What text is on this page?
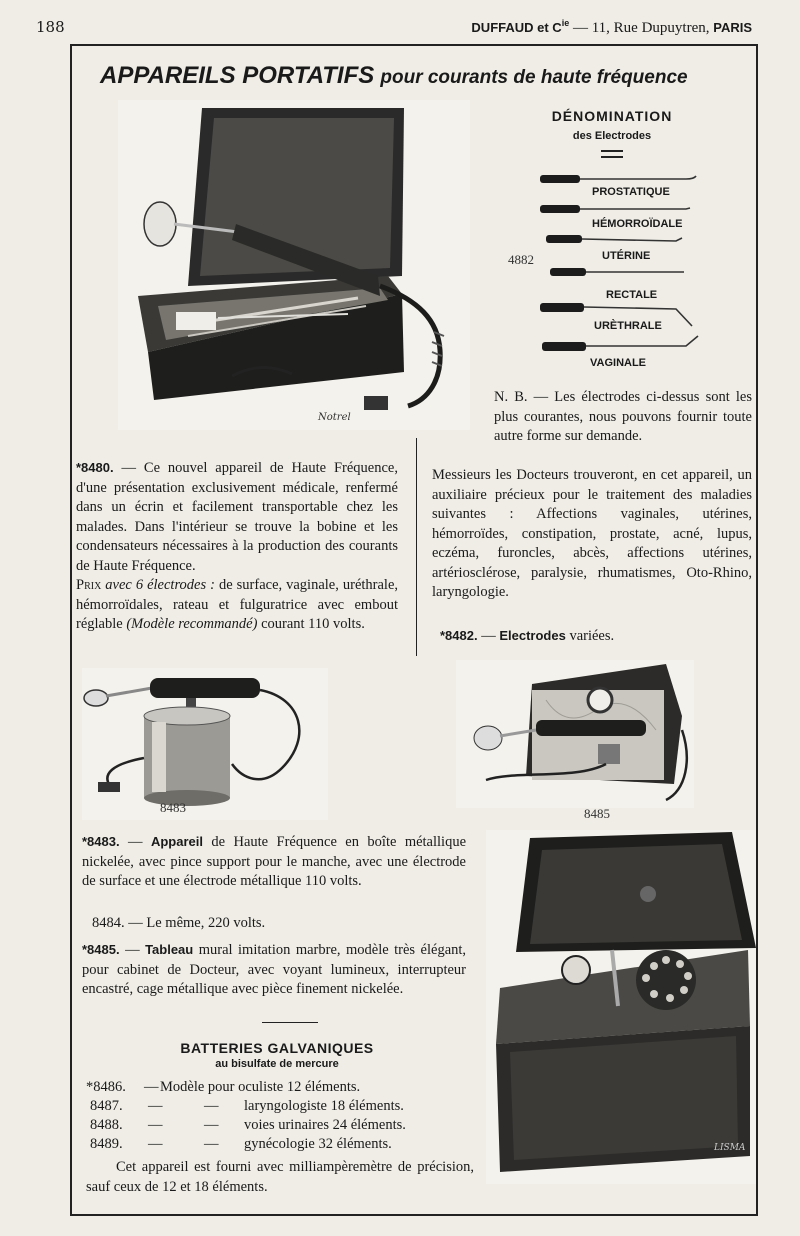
188	DUFFAUD et $C^{ie}$ — 11, Rue Dupuytren, PARIS
APPAREILS PORTATIFS pour courants de haute fréquence
Notrel
DÉNOMINATION
des Electrodes
4882
PROSTATIQUE
HÉMORROÏDALE
UTÉRINE
RECTALE
URÈTHRALE
VAGINALE
N. B. — Les électrodes ci-dessus sont les plus courantes, nous pouvons fournir toute autre forme sur demande.

*8480. — Ce nouvel appareil de Haute Fréquence, d'une présentation exclusivement médicale, renfermé dans un écrin et facilement transportable chez les malades. Dans l'intérieur se trouve la bobine et les condensateurs nécessaires à la production des courants de Haute Fréquence.

Prix avec 6 électrodes : de surface, vaginale, uréthrale, hémorroïdales, rateau et fulguratrice avec embout réglable (Modèle recommandé) courant 110 volts.

Messieurs les Docteurs trouveront, en cet appareil, un auxiliaire précieux pour le traitement des maladies suivantes : Affections vaginales, utérines, hémorroïdes, constipation, prostate, acné, lupus, eczéma, furoncles, abcès, affections utérines, artériosclérose, paralysie, rhumatismes, Oto-Rhino, laryngologie.
*8482. — Electrodes variées.
8483	8485

*8483. — Appareil de Haute Fréquence en boîte métallique nickelée, avec pince support pour le manche, avec une électrode de surface et une électrode métallique 110 volts.

8484. — Le même, 220 volts.

*8485. — Tableau mural imitation marbre, modèle très élégant, pour cabinet de Docteur, avec voyant lumineux, interrupteur encastré, cage métallique avec pièce finement nickelée.

BATTERIES GALVANIQUES
au bisulfate de mercure
*8486.	— Modèle pour oculiste 12 éléments.
8487.	—	—	laryngologiste 18 éléments.
8488.	—	—	voies urinaires 24 éléments.
8489.	—	—	gynécologie 32 éléments.
Cet appareil est fourni avec milliampèremètre de précision, sauf ceux de 12 et 18 éléments.
LISMA
